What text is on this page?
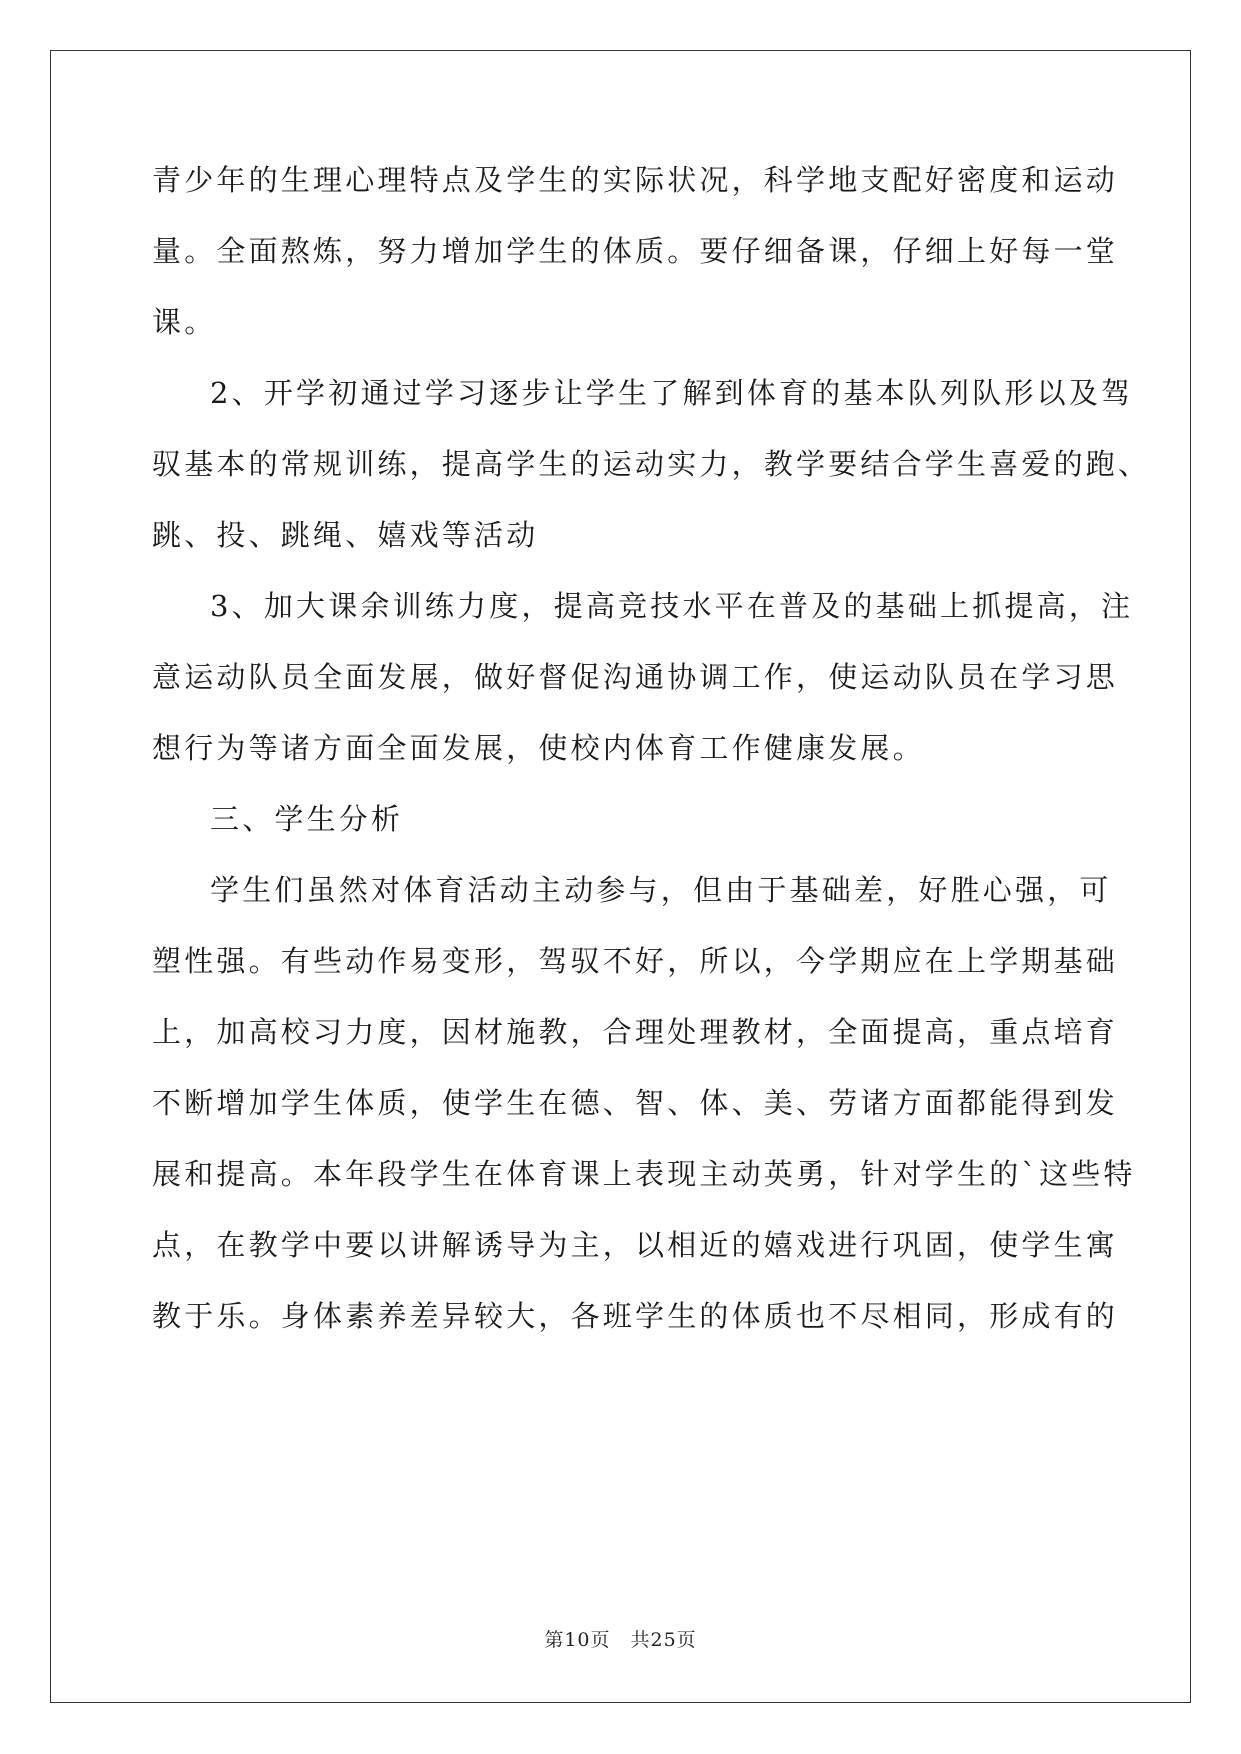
青少年的生理心理特点及学生的实际状况，科学地支配好密度和运动
量。全面熬炼，努力增加学生的体质。要仔细备课，仔细上好每一堂
课。
2、开学初通过学习逐步让学生了解到体育的基本队列队形以及驾
驭基本的常规训练，提高学生的运动实力，教学要结合学生喜爱的跑、
跳、投、跳绳、嬉戏等活动
3、加大课余训练力度，提高竞技水平在普及的基础上抓提高，注
意运动队员全面发展，做好督促沟通协调工作，使运动队员在学习思
想行为等诸方面全面发展，使校内体育工作健康发展。
三、学生分析
学生们虽然对体育活动主动参与，但由于基础差，好胜心强，可
塑性强。有些动作易变形，驾驭不好，所以，今学期应在上学期基础
上，加高校习力度，因材施教，合理处理教材，全面提高，重点培育
不断增加学生体质，使学生在德、智、体、美、劳诸方面都能得到发
展和提高。本年段学生在体育课上表现主动英勇，针对学生的`这些特
点，在教学中要以讲解诱导为主，以相近的嬉戏进行巩固，使学生寓
教于乐。身体素养差异较大，各班学生的体质也不尽相同，形成有的
第10页　共25页
